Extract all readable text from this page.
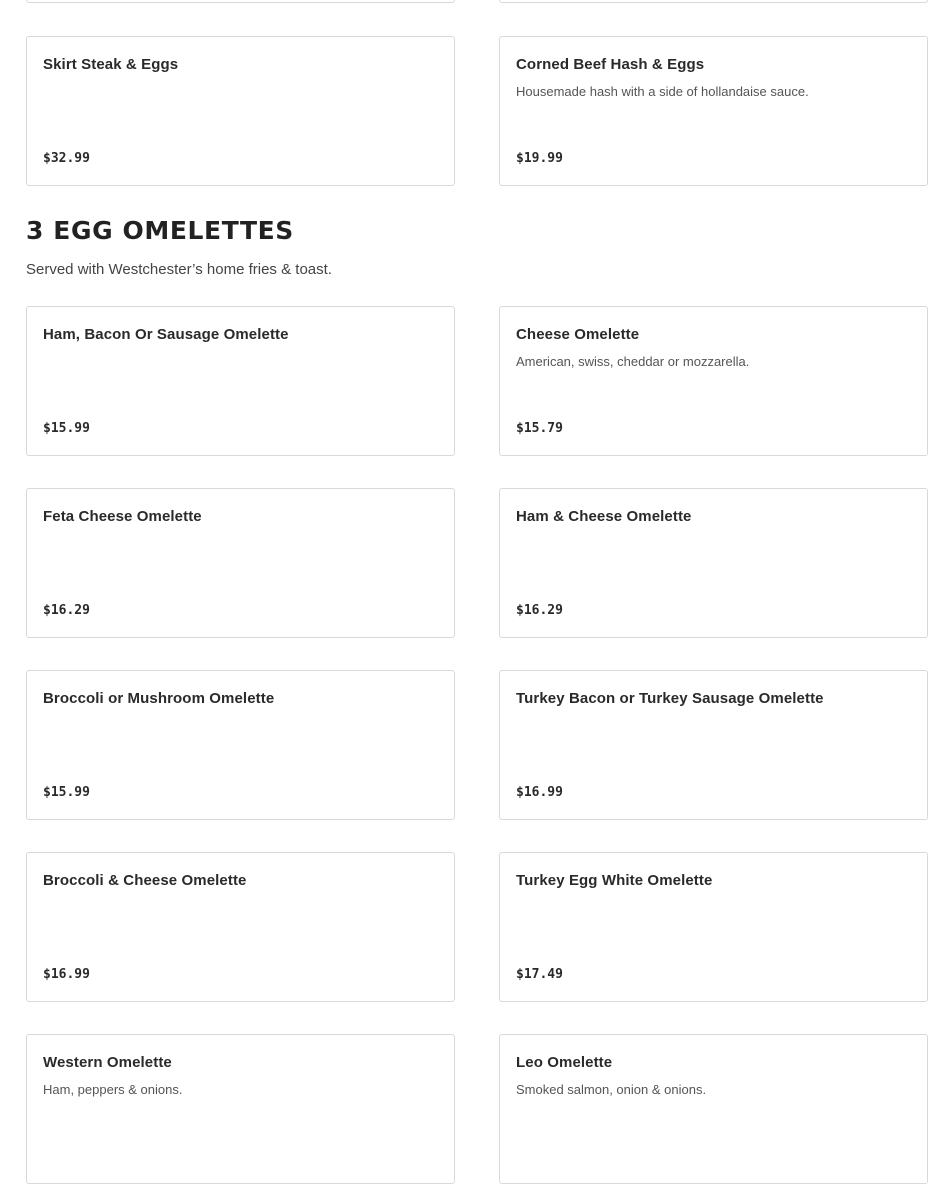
Skirt Steak & Eggs
$32.99
Corned Beef Hash & Eggs
Housemade hash with a side of hollandaise sauce.
$19.99
3 EGG OMELETTES
Served with Westchester’s home fries & toast.
Ham, Bacon Or Sausage Omelette
$15.99
Cheese Omelette
American, swiss, cheddar or mozzarella.
$15.79
Feta Cheese Omelette
$16.29
Ham & Cheese Omelette
$16.29
Broccoli or Mushroom Omelette
$15.99
Turkey Bacon or Turkey Sausage Omelette
$16.99
Broccoli & Cheese Omelette
$16.99
Turkey Egg White Omelette
$17.49
Western Omelette
Ham, peppers & onions.
Leo Omelette
Smoked salmon, onion & onions.
